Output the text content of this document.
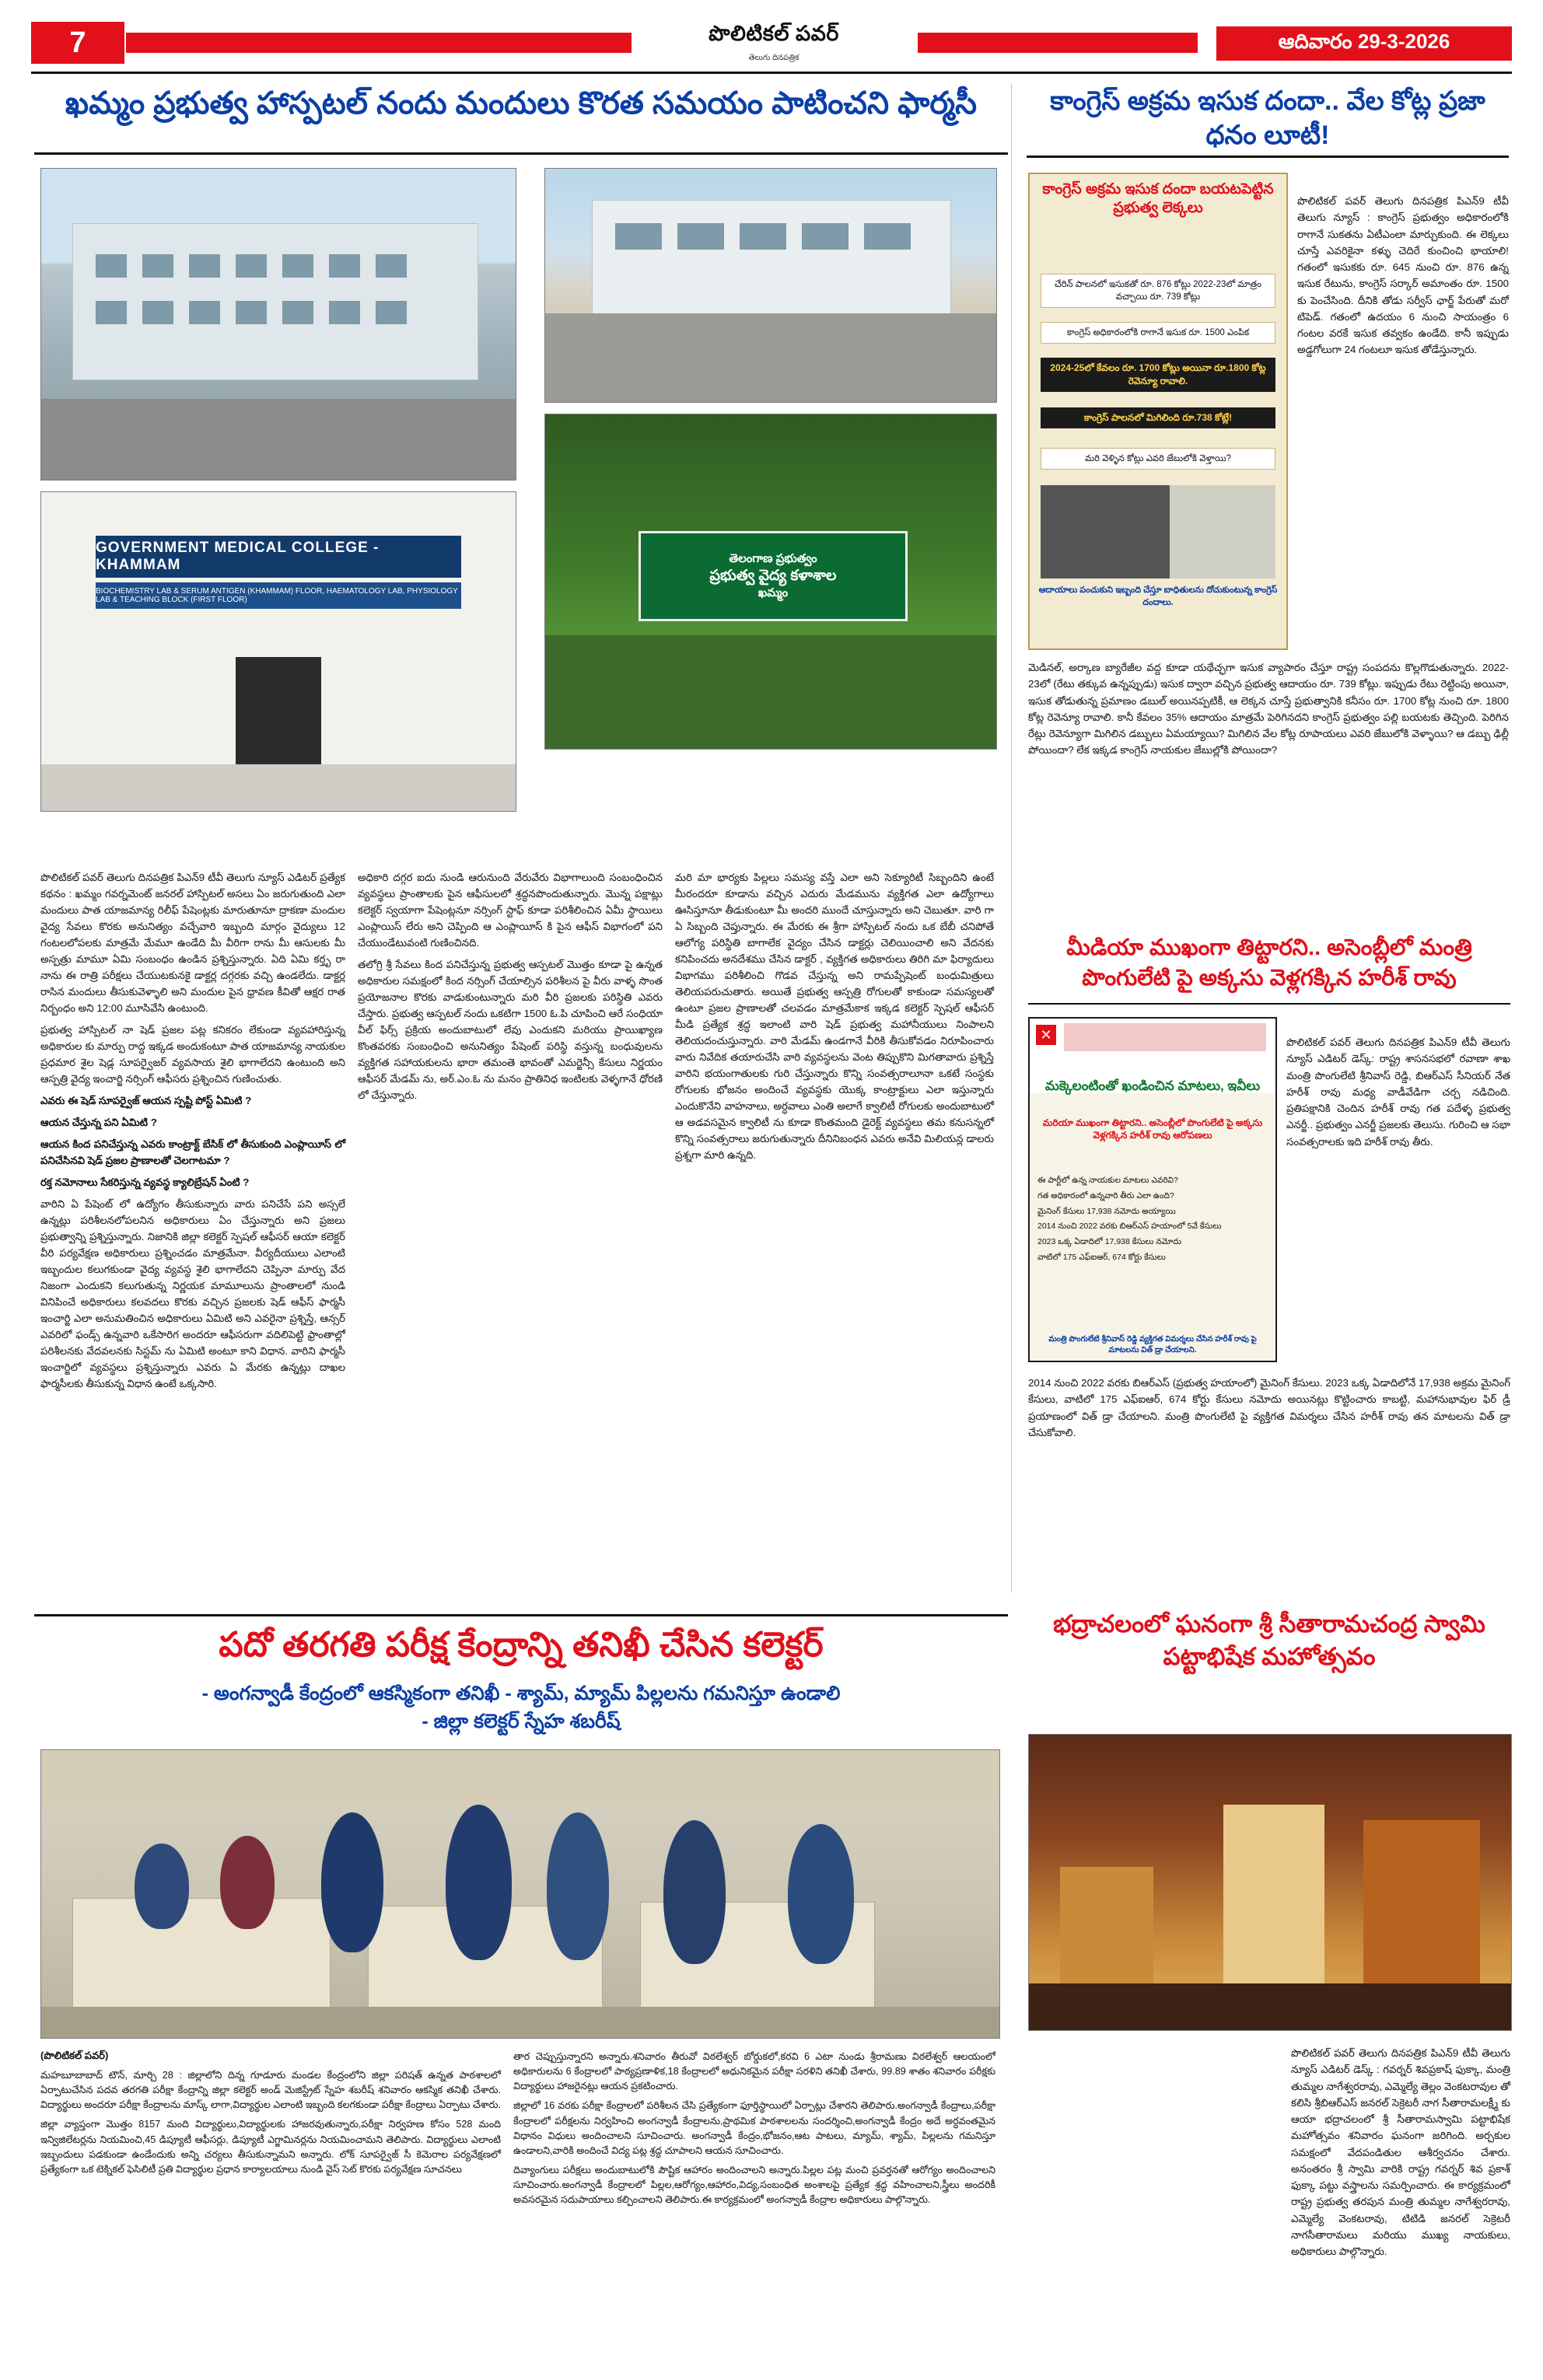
7	పొలిటికల్ పవర్
తెలుగు దినపత్రిక
ఆదివారం 29-3-2026
ఖమ్మం ప్రభుత్వ హాస్పటల్ నందు మందులు కొరత సమయం పాటించని ఫార్మసీ
GOVERNMENT MEDICAL COLLEGE - KHAMMAM
BIOCHEMISTRY LAB & SERUM ANTIGEN (KHAMMAM) FLOOR, HAEMATOLOGY LAB, PHYSIOLOGY LAB & TEACHING BLOCK (FIRST FLOOR)
తెలంగాణ ప్రభుత్వం
ప్రభుత్వ వైద్య కళాశాల
ఖమ్మం

పొలిటికల్ పవర్ తెలుగు దినపత్రిక పిఎన్9 టీవీ తెలుగు న్యూస్ ఎడిటర్ ప్రత్యేక కథనం : ఖమ్మం గవర్నమెంట్ జనరల్ హాస్పిటల్ అసలు ఏం జరుగుతుంది ఎలా మందులు పాత యాజమాన్య రిలీఫ్ పేషెంట్లకు మారుతూనూ ద్రాకణా మందుల వైద్య సేవలు కొరకు అనునిత్యం వచ్చేవారి ఇబ్బంది మార్గం వైద్యులు 12 గంటలలోపలకు మాత్రమే మేమూ ఉండేది మీ వీరిగా రాను మీ ఆసులకు మీ అస్పత్రు మామూ ఏమి సంబంధం ఉండిన ప్రశ్నిస్తున్నారు. ఏది ఏమి కర్తృ రా నాను ఈ రాత్రి పరీక్షలు చేయుటకునకై డాక్టర్ల దగ్గరకు వచ్చి ఉండలేదు. డాక్టర్ల రాసిన మందులు తీసుకువెళ్ళాలి అని మందుల పైన ధ్రావణ కీవితో ఆక్షర రాత నిర్బంధం అని 12:00 మూసివేసి ఉంటుంది.

ప్రభుత్వ హాస్పిటల్ నా షెడ్ ప్రజల పట్ల కనికరం లేకుండా వ్యవహారిస్తున్న అధికారుల కు మార్పు రాద్ధ ఇక్కడ అందుకంటూ పాత యాజమాన్య నాయకుల ప్రధమార శైల షెడ్ల సూపర్వైజర్ వ్యవసాయ శైలి భాగాలేదని ఉంటుంది అని ఆస్పత్రి వైద్య ఇంచార్జి నర్సింగ్ ఆఫీసరు ప్రశ్నించిన గుణించుతు.

ఎవరు ఈ షెడ్ సూపర్వైజ్ ఆయన స్పష్టి పోస్ట్ ఏమిటి ?

ఆయన చేస్తున్న పని ఏమిటి ?

ఆయన కింద పనిచేస్తున్న ఎవరు కాంట్రాక్ట్ బేసిక్ లో తీసుకుంది ఎంప్లాయీస్ లో పనిచేసినవి షెడ్ ప్రజల ప్రాణాలతో చెలగాటమా ?

రక్త నమోనాలు సేకరిస్తున్న వ్యవస్థ క్యాలిబ్రేషన్ ఏంటి ?

వారిని ఏ పేషెంట్ లో ఉద్యోగం తీసుకున్నారు వారు పనిచేసే పని అస్సలే ఉన్నట్లు పరిశీలనలోపలనిన అధికారులు ఏం చేస్తున్నారు అని ప్రజలు ప్రభుత్వాన్ని ప్రశ్నిస్తున్నారు. నిజానికి జిల్లా కలెక్టర్ స్పెషల్ ఆఫీసర్ ఆయా కలెక్టర్ వీరి పర్యవేక్షణ అధికారులు ప్రశ్నించడం మాత్రమేనా. వీర్యదీయులు ఎలాంటి ఇబ్బందుల కలుగకుండా వైద్య వ్యవస్థ శైలి భాగాలేదని చెప్పినా మార్పు వేద నిజంగా ఎందుకని కలుగుతున్న నిర్ణయక మామూలును ప్రాంతాలలో నుండి వినిపించే అధికారులు కలవదలు కొరకు వచ్చిన ప్రజలకు షెడ్ ఆఫీస్ ఫార్మసీ ఇంచార్జి ఎలా అనుమతించిన అధికారులు ఏమిటి అని ఎవరైనా ప్రశ్నిస్తే, ఆన్సర్ ఎవరిలో ఫండ్స్ ఉన్నవారి ఒకేసారిగ అందరూ ఆఫీసరుగా వదిలిపెట్టి ఫ్రాంతాల్లో పరిశీలనకు వేదవలనకు సిస్టమ్ ను ఏమిటి అంటూ కాని విధాన. వారిని ఫార్మసీ ఇంచార్జిలో వ్యవస్థలు ప్రశ్నిస్తున్నారు ఎవరు ఏ మేరకు ఉన్నట్లు దాఖల ఫార్మసీలకు తీసుకున్న విధాన ఉంటే ఒక్కసారి.

అధికారి దగ్గర ఐదు నుండి ఆరునుంది వేరువేరు విభాగాలుంది సంబంధించిన వ్యవస్థలు ప్రాంతాలకు పైన ఆఫీసులలో శ్రద్ధనపొందుతున్నారు. మొన్న పక్షాట్లు కలెక్టర్ స్వయాగా పేషెంట్లనూ నర్సింగ్ స్టాఫ్ కూడా పరిశీలించిన ఏమీ స్థాయిలు ఎంప్లాయిస్ లేరు అని చెప్పింది ఆ ఎంప్లాయీస్ కి పైన ఆఫీస్ విభాగంలో పని చేయుండేటువంటి గుణించినది.

తలోగ్రి శ్రీ సేవలు కింద పనిచేస్తున్న ప్రభుత్వ ఆస్పటల్ మొత్తం కూడా పై ఉన్నత అధికారుల సమక్షంలో కింద నర్సింగ్ చేయాల్సిన పరిశీలన పై వీరు వాళ్ళ సొంత ప్రయోజనాల కొరకు వాడుకుంటున్నారు మరి వీరి ప్రజలకు పరిస్థితి ఎవరు చేస్తారు. ప్రభుత్వ ఆస్పటల్ నందు ఒకటిగా 1500 ఓ.పి చూపించి ఆరే సంధియా వీల్ ఫిర్స్ ప్రక్రియ అందుబాటులో లేవు ఎందుకని మరియు ప్రాయిఖ్యాణ కొంతవరకు సంబంధించి అనునిత్యం పేషెంట్ పరిస్థి వస్తున్న బంధువులను వ్యక్తిగత సహాయకులను భారా తమంతె భావంతో ఎమర్జెన్సీ కేసులు నిర్ణయం ఆఫీసర్ మేడమ్ ను, అర్.ఎం.ఓ ను మనం ప్రాతినిధ ఇంటిలకు వెళ్ళగానే ధోరణి లో చేస్తున్నారు.

మరి మా భార్యకు పిల్లలు సమస్య వస్తే ఎలా అని సెక్యూరిటీ సిబ్బందిని ఉంటే మీరందరూ కూడాను వచ్చిన ఎదురు మేడమును వ్యక్తిగత ఎలా ఉద్యోగాలు ఊసిస్తూనూ తీడుకుంటూ మీ అందరి ముందే చూస్తున్నారు అని చెబుతూ. వారి గా ఏ సిబ్బంది చెప్తున్నారు. ఈ మేరకు ఈ శ్రీగా హాస్పిటల్ నందు ఒక బేబీ చనిపోతే ఆలోగ్య పరిస్థితి బాగాలేక వైద్యం చేసిన డాక్టర్లు చెలియించాలి అని వేదనకు కనిపించదు అనదేశము చేసిన డాక్టర్ , వ్యక్తిగత అధికారులు తిరిగి మా ఫిర్యాదులు విభాగము పరిశీలించి గొడవ చేస్తున్న అని రామప్పేషెంట్ బంధుమిత్రులు తెలియపరుచుతారు. అయితే ప్రభుత్వ ఆస్పత్రి రోగులతో కాకుండా సమస్యలతో ఉంటూ ప్రజల ప్రాణాలతో చలవడం మాత్రమేకాక ఇక్కడ కలెక్టర్ స్పెషల్ ఆఫీసర్ మీడి ప్రత్యేక శ్రద్ధ ఇలాంటి వారి షెడ్ ప్రభుత్వ మహానీయులు నింపాలని తెలియదంచుస్తున్నారు. వారి మేడమ్ ఉండగానే వీరికి తీసుకోవడం నిరూపించారు వారు నివేదిక తయారుచేసి వారి వ్యవస్థలను వెంట తిప్పుకొని మిగతావారు ప్రశ్నిస్తే వారిని భయంగాతులకు గురి చేస్తున్నారు కొన్ని సంవత్సరాలూనా ఒకటే సంస్థకు రోగులకు భోజనం అందించే వ్యవస్థకు యొక్క కాంట్రాక్టులు ఎలా ఇస్తున్నారు ఎందుకొనేని వాహనాలు, అర్ధవాలు ఎంతి అలాగే క్వాలిటీ రోగులకు అందుబాటులో ఆ అడవసమైన క్వాలిటీ ను కూడా కొంతమంది డైరెక్ట్ వ్యవస్థలు తమ కనుసన్నలో కొన్ని సంవత్సరాలు జరుగుతున్నారు దీనినిబంధన ఎవరు అనేవి మిలియన్ల డాలరు ప్రశ్నగా మారి ఉన్నది.

కాంగ్రెస్ అక్రమ ఇసుక దందా.. వేల కోట్ల ప్రజా ధనం లూటీ!
కాంగ్రెస్ అక్రమ ఇసుక దందా బయటపెట్టిన ప్రభుత్వ లెక్కలు
చేరిన్ పాలనలో ఇసుకతో రూ. 876 కోట్లు 2022-23లో మాత్రం వచ్చాయి రూ. 739 కోట్లు
కాంగ్రెస్ అధికారంలోకి రాగానే ఇసుక రూ. 1500 ఎంపిక
2024-25లో కేవలం రూ. 1700 కోట్లు అయినా రూ.1800 కోట్ల రెవెన్యూ రావాలి.
కాంగ్రెస్ పాలనలో మిగిలింది రూ.738 కోట్లే!
మరి వెళ్ళిన కోట్లు ఎవరి జేబులోకి వెళ్తాయి?
ఆదాయాలు పంచుకుని ఇబ్బంది చేస్తూ బాధితులను దోచుకుంటున్న కాంగ్రెస్ దందాలు.

పొలిటికల్ పవర్ తెలుగు దినపత్రిక పిఎన్9 టీవీ తెలుగు న్యూస్ : కాంగ్రెస్ ప్రభుత్వం అధికారంలోకి రాగానే సుకతను ఏటీఎంలా మార్చుకుంది. ఈ లెక్కలు చూస్తే ఎవరికైనా కళ్ళు చెదిరే కుంచించి భాయాలి! గతంలో ఇసుకకు రూ. 645 నుంచి రూ. 876 ఉన్న ఇసుక రేటును, కాంగ్రెస్ సర్కార్ అమాంతం రూ. 1500 కు పెంచేసింది. దీనికి తోడు సర్వీస్ ఛార్జ్ పేరుతో మరో టిపెడ్. గతంలో ఉదయం 6 నుంచి సాయంత్రం 6 గంటల వరకే ఇసుక తవ్వకం ఉండేది. కానీ ఇప్పుడు అడ్డగోలుగా 24 గంటలూ ఇసుక తోడేస్తున్నారు.

మెడినల్, అర్కాణ బ్యారేజీల వద్ద కూడా యథేచ్ఛగా ఇసుక వ్యాపారం చేస్తూ రాష్ట్ర సంపదను కొల్లగొడుతున్నారు. 2022-23లో (రేటు తక్కువ ఉన్నప్పుడు) ఇసుక ద్వారా వచ్చిన ప్రభుత్వ ఆదాయం రూ. 739 కోట్లు. ఇప్పుడు రేటు రెట్టింపు అయినా, ఇసుక తోడుతున్న ప్రమాణం డబుల్ అయినప్పటికీ, ఆ లెక్కన చూస్తే ప్రభుత్వానికి కనీసం రూ. 1700 కోట్ల నుంచి రూ. 1800 కోట్ల రెవెన్యూ రావాలి. కానీ కేవలం 35% ఆదాయం మాత్రమే పెరిగినదని కాంగ్రెస్ ప్రభుత్వం పల్లి బయటకు తెచ్చింది. పెరిగిన రేట్లు రెవెన్యూగా మిగిలిన డబ్బులు ఏమయ్యాయి? మిగిలిన వేల కోట్ల రూపాయలు ఎవరి జేబులోకి వెళ్ళాయి? ఆ డబ్బు ఢిల్లీ పోయిందా? లేక ఇక్కడ కాంగ్రెస్ నాయకుల జేబుల్లోకి పోయిందా?

మీడియా ముఖంగా తిట్టారని.. అసెంబ్లీలో మంత్రి పొంగులేటి పై అక్కసు వెళ్లగక్కిన హరీశ్ రావు
✕
మక్కెలంటింతో ఖండించిన మాటలు, ఇవీలు
మరియా ముఖంగా తిట్టారని.. అసెంబ్లీలో పొంగులేటి పై అక్కసు వెళ్లగక్కిన హరీశ్ రావు ఆరోపణలు
ఈ పార్టీలో ఉన్న నాయకుల మాటలు ఎవరివి?
గత అధికారంలో ఉన్నవారి తీరు ఎలా ఉంది?
మైనింగ్ కేసులు 17,938 నమోదు అయ్యాయి
2014 నుంచి 2022 వరకు బిఆర్ఎస్ హయాంలో 5వే కేసులు
2023 ఒక్క ఏడాదిలో 17,938 కేసులు నమోదు
వాటిలో 175 ఎఫ్ఐఆర్, 674 కోర్టు కేసులు
మంత్రి పొంగులేటి శ్రీనివాస్ రెడ్డి వ్యక్తిగత విమర్శలు చేసిన హరీశ్ రావు పై మాటలను విత్ డ్రా చేయాలని.

పొలిటికల్ పవర్ తెలుగు దినపత్రిక పిఎన్9 టీవీ తెలుగు న్యూస్ ఎడిటర్ డెస్క్: రాష్ట్ర శాసనసభలో రవాణా శాఖ మంత్రి పొంగులేటి శ్రీనివాస్ రెడ్డి, బిఆర్ఎస్ సీనియర్ నేత హరీశ్ రావు మధ్య వాడీవేడిగా చర్చ నడిచింది. ప్రతిపక్షానికి చెందిన హరీశ్ రావు గత పదేళ్ళ ప్రభుత్వ ఎనర్జీ.. ప్రభుత్వం ఎనర్జీ ప్రజలకు తెలుసు. గురించి ఆ సభా సంవత్సరాలకు ఇది హరీశ్ రావు తీరు.

2014 నుంచి 2022 వరకు బిఆర్ఎస్ (ప్రభుత్వ హయాంలో) మైనింగ్ కేసులు. 2023 ఒక్క ఏడాదిలోనే 17,938 అక్రమ మైనింగ్ కేసులు, వాటిలో 175 ఎఫ్ఐఆర్, 674 కోర్టు కేసులు నమోదు అయినట్లు కొట్టించారు కాబట్టి, మహానుభావుల ఫిర్ డ్రీ ప్రయాణంలో విత్ డ్రా చేయాలని. మంత్రి పొంగులేటి పై వ్యక్తిగత విమర్శలు చేసిన హరీశ్ రావు తన మాటలను విత్ డ్రా చేసుకోవాలి.

భద్రాచలంలో ఘనంగా శ్రీ సీతారామచంద్ర స్వామి పట్టాభిషేక మహోత్సవం

పొలిటికల్ పవర్ తెలుగు దినపత్రిక పిఎన్9 టీవీ తెలుగు న్యూస్ ఎడిటర్ డెస్క్ : గవర్నర్ శివప్రకాష్ ఫుక్కా, మంత్రి తుమ్మల నాగేశ్వరరావు, ఎమ్మెల్యే తెల్లం వెంకటరావుల తో కలిసి శ్రీబిఆర్ఎస్ జనరల్ సెక్రెటరీ నాగ సీతారామలక్ష్మీ కు ఆయా భద్రాచలంలో శ్రీ సీతారామస్వామి పట్టాభిషేక మహోత్సవం శనివారం ఘనంగా జరిగింది. అర్చకుల సమక్షంలో వేదపండితుల ఆశీర్వచనం చేశారు. అనంతరం శ్రీ స్వామి వారికి రాష్ట్ర గవర్నర్ శివ ప్రకాశ్ ఫుక్కా పట్టు వస్త్రాలను సమర్పించారు. ఈ కార్యక్రమంలో రాష్ట్ర ప్రభుత్వ తరపున మంత్రి తుమ్మల నాగేశ్వరరావు, ఎమ్మెల్యే వెంకటరావు, టిటిడి జనరల్ సెక్రెటరీ నాగసీతారామలు మరియు ముఖ్య నాయకులు, అధికారులు పాల్గొన్నారు.

పదో తరగతి పరీక్ష కేంద్రాన్ని తనిఖీ చేసిన కలెక్టర్
- అంగన్వాడీ కేంద్రంలో ఆకస్మికంగా తనిఖీ - శ్యామ్, మ్యామ్ పిల్లలను గమనిస్తూ ఉండాలి
- జిల్లా కలెక్టర్ స్నేహ శబరీష్
(పొలిటికల్ పవర్)

మహబూబాబాద్ టౌన్, మార్చి 28 : జిల్లాలోని దిన్న గూడూరు మండల కేంద్రంలోని జిల్లా పరిషత్ ఉన్నత పాఠశాలలో ఏర్పాటుచేసిన పదవ తరగతి పరీక్షా కేంద్రాన్ని జిల్లా కలెక్టర్ అండ్ మెజిస్ట్రేట్ స్నేహ శబరీష్ శనివారం ఆకస్మిక తనిఖీ చేశారు. విద్యార్థులు అందరూ పరీక్షా కేంద్రాలను మాస్క్ లాగా,విద్యార్థుల ఎలాంటి ఇబ్బంది కలగకుండా పరీక్షా కేంద్రాలు ఏర్పాటు చేశారు.

జిల్లా వ్యాప్తంగా మొత్తం 8157 మంది విద్యార్థులు,విద్యార్థులకు హాజరవుతున్నారు,పరీక్షా నిర్వహణ కోసం 528 మంది ఇన్విజిలేటర్లను నియమించి,45 డిప్యూటీ ఆఫీసర్లు, డిప్యూటీ ఎగ్జామినర్లను నియమించామని తెలిపారు. విద్యార్థులు ఎలాంటి ఇబ్బందులు పడకుండా ఉండేందుకు అన్ని చర్యలు తీసుకున్నామని అన్నారు. లోక్ సూపర్వైజ్ సీ కెమెరాల పర్యవేక్షణలో ప్రత్యేకంగా ఒక టెక్నికల్ ఫెసిలిటీ ప్రతి విద్యార్థుల ప్రధాన కార్యాలయాలు నుండి వైస్ సెట్ కొరకు పర్యవేక్షణ సూచనలు

తార చెప్పుస్తున్నారని అన్నారు.శనివారం తీరువో విఠలేశ్వర్ బోర్డుకలో,కరవి 6 ఎటా నుండు శ్రీరామణు విఠలేశ్వర్ ఆలయంలో అధికారులను 6 కేంద్రాలలో పాఠ్యప్రణాళిక,18 కేంద్రాలలో అధునికమైన పరీక్షా సరళిని తనిఖీ చేశారు, 99.89 శాతం శనివారం పరీక్షకు విద్యార్థులు హాజరైనట్లు ఆయన ప్రకటించారు.

జిల్లాలో 16 వరకు పరీక్షా కేంద్రాలలో పరిశీలన చేసి ప్రత్యేకంగా ఫూర్తిస్థాయిలో ఏర్పాట్లు చేశారని తెలిపారు.అంగన్వాడీ కేంద్రాలు,పరీక్షా కేంద్రాలలో పరీక్షలను నిర్వహించి అంగన్వాడీ కేంద్రాలను,ప్రాథమిక పాఠశాలలను సందర్శించి,అంగన్వాడీ కేంద్రం అదే అర్ధవంతమైన విధానం విధులు అందించాలని సూచించారు. అంగన్వాడీ కేంద్రం,భోజనం,ఆట పాటలు, మ్యామ్, శ్యామ్, పిల్లలను గమనిస్తూ ఉండాలని,వారికి అందించే విద్య పట్ల శ్రద్ధ చూపాలని ఆయన సూచించారు.

దివ్యాంగులు పరీక్షలు అందుబాటులోకి పౌష్టిక ఆహారం అందించాలని అన్నారు.పిల్లల పట్ల మంచి ప్రవర్తనతో ఆరోగ్యం అందించాలని సూచించారు.అంగన్వాడీ కేంద్రాలలో పిల్లల,ఆరోగ్యం,ఆహారం,విద్య,సంబంధిత అంశాలపై ప్రత్యేక శ్రద్ధ వహించాలని,స్త్రీలు అందరికీ అవసరమైన సదుపాయాలు కల్పించాలని తెలిపారు.ఈ కార్యక్రమంలో అంగన్వాడీ కేంద్రాల అధికారులు పాల్గొన్నారు.
